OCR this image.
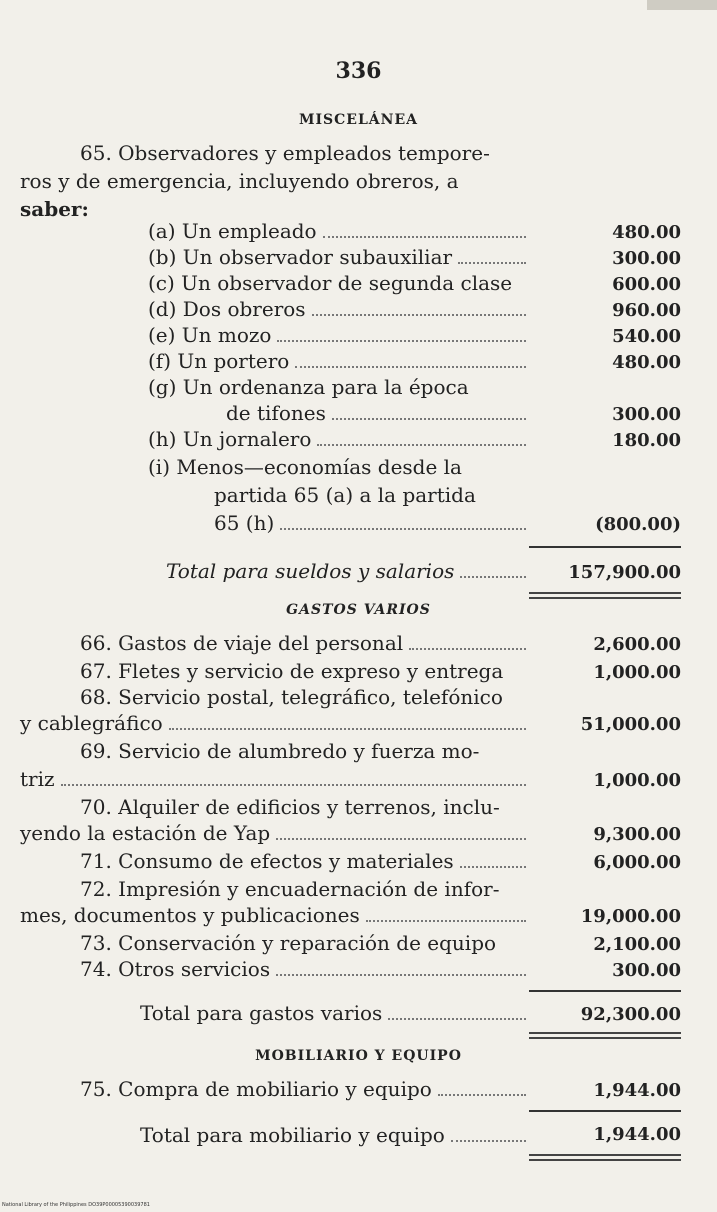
336
MISCELÁNEA
65. Observadores y empleados tempore-
ros y de emergencia, incluyendo obreros, a
saber:
(a) Un empleado	480.00
(b) Un observador subauxiliar	300.00
(c) Un observador de segunda clase	600.00
(d) Dos obreros	960.00
(e) Un mozo	540.00
(f) Un portero	480.00
(g) Un ordenanza para la época
de tifones	300.00
(h) Un jornalero	180.00
(i) Menos—economías desde la
partida 65 (a) a la partida
65 (h)	(800.00)
Total para sueldos y salarios	157,900.00
GASTOS VARIOS
66. Gastos de viaje del personal	2,600.00
67. Fletes y servicio de expreso y entrega	1,000.00
68. Servicio postal, telegráfico, telefónico
y cablegráfico	51,000.00
69. Servicio de alumbredo y fuerza mo-
triz	1,000.00
70. Alquiler de edificios y terrenos, inclu-
yendo la estación de Yap	9,300.00
71. Consumo de efectos y materiales	6,000.00
72. Impresión y encuadernación de infor-
mes, documentos y publicaciones	19,000.00
73. Conservación y reparación de equipo	2,100.00
74. Otros servicios	300.00
Total para gastos varios	92,300.00
MOBILIARIO Y EQUIPO
75. Compra de mobiliario y equipo	1,944.00
Total para mobiliario y equipo	1,944.00
National Library of the Philippines DO39P00005390039781
